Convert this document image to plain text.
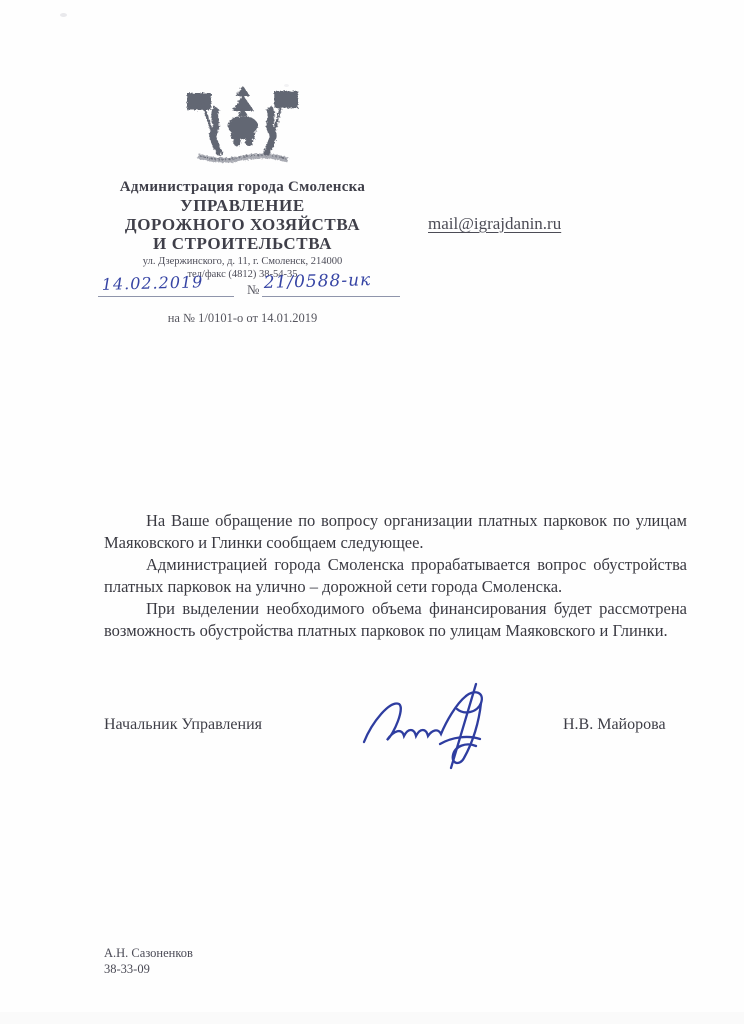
Администрация города Смоленска
УПРАВЛЕНИЕ
ДОРОЖНОГО ХОЗЯЙСТВА
И СТРОИТЕЛЬСТВА
ул. Дзержинского, д. 11, г. Смоленск, 214000
тел/факс (4812) 38-54-35
mail@igrajdanin.ru
14.02.2019	№ 21/0588-ик
на № 1/0101-о от 14.01.2019

На Ваше обращение по вопросу организации платных парковок по улицам Маяковского и Глинки сообщаем следующее.

Администрацией города Смоленска прорабатывается вопрос обустройства платных парковок на улично – дорожной сети города Смоленска.

При выделении необходимого объема финансирования будет рассмотрена возможность обустройства платных парковок по улицам Маяковского и Глинки.

Начальник Управления	Н.В. Майорова
А.Н. Сазоненков
38-33-09
